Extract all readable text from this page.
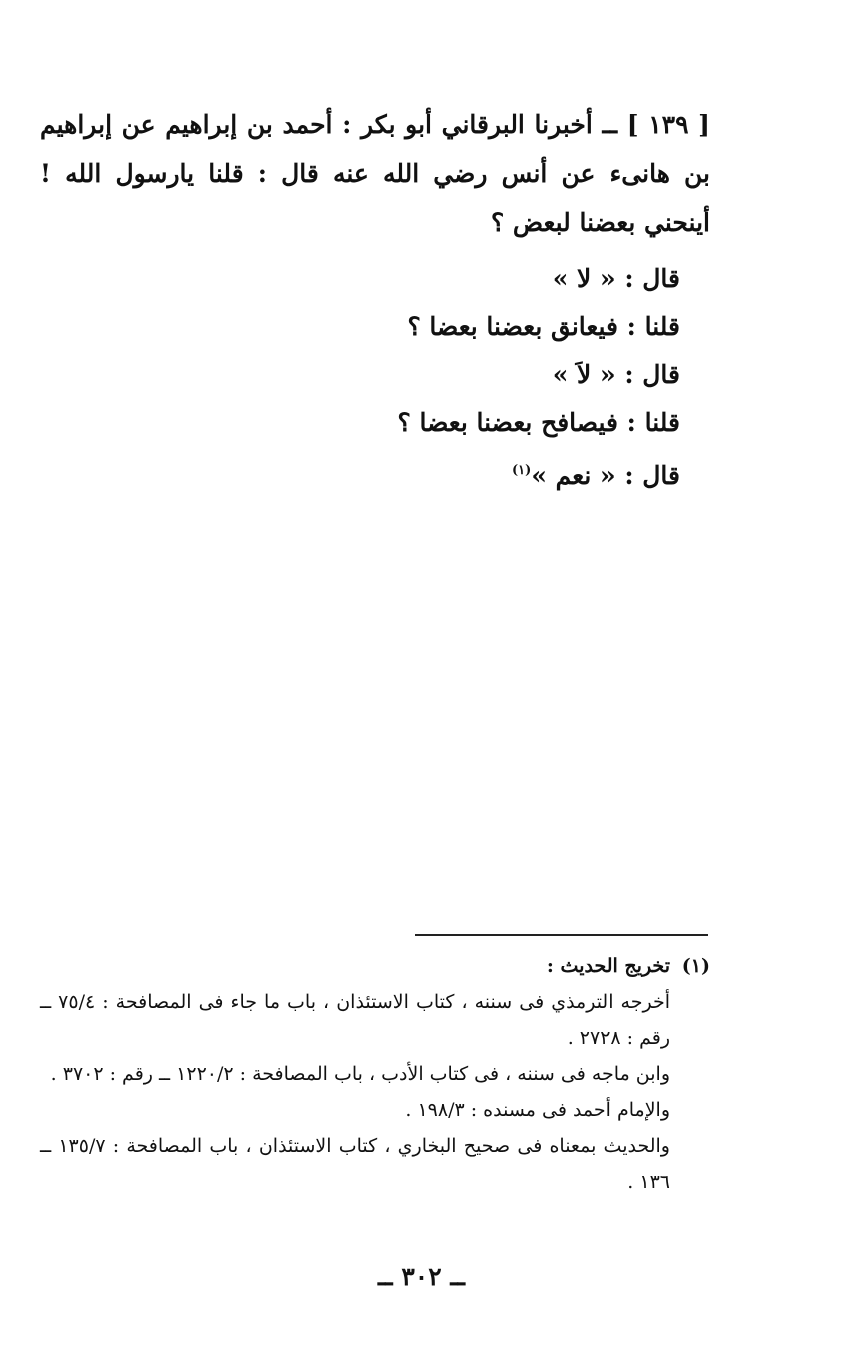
[ ١٣٩ ] ــ أخبرنا البرقاني أبو بكر : أحمد بن إبراهيم عن إبراهيم بن هانىء عن أنس رضي الله عنه قال : قلنا يارسول الله ! أينحني بعضنا لبعض ؟

قال : « لا »
قلنا : فيعانق بعضنا بعضا ؟
قال : « لاَ »
قلنا : فيصافح بعضنا بعضا ؟
قال : « نعم »$^{(١)}$
(١)تخريج الحديث :
أخرجه الترمذي فى سننه ، كتاب الاستئذان ، باب ما جاء فى المصافحة : ٧٥/٤ ــ رقم : ٢٧٢٨ .
وابن ماجه فى سننه ، فى كتاب الأدب ، باب المصافحة : ١٢٢٠/٢ ــ رقم : ٣٧٠٢ .
والإمام أحمد فى مسنده : ١٩٨/٣ .
والحديث بمعناه فى صحيح البخاري ، كتاب الاستئذان ، باب المصافحة : ١٣٥/٧ ــ ١٣٦ .
ــ ٣٠٢ ــ
